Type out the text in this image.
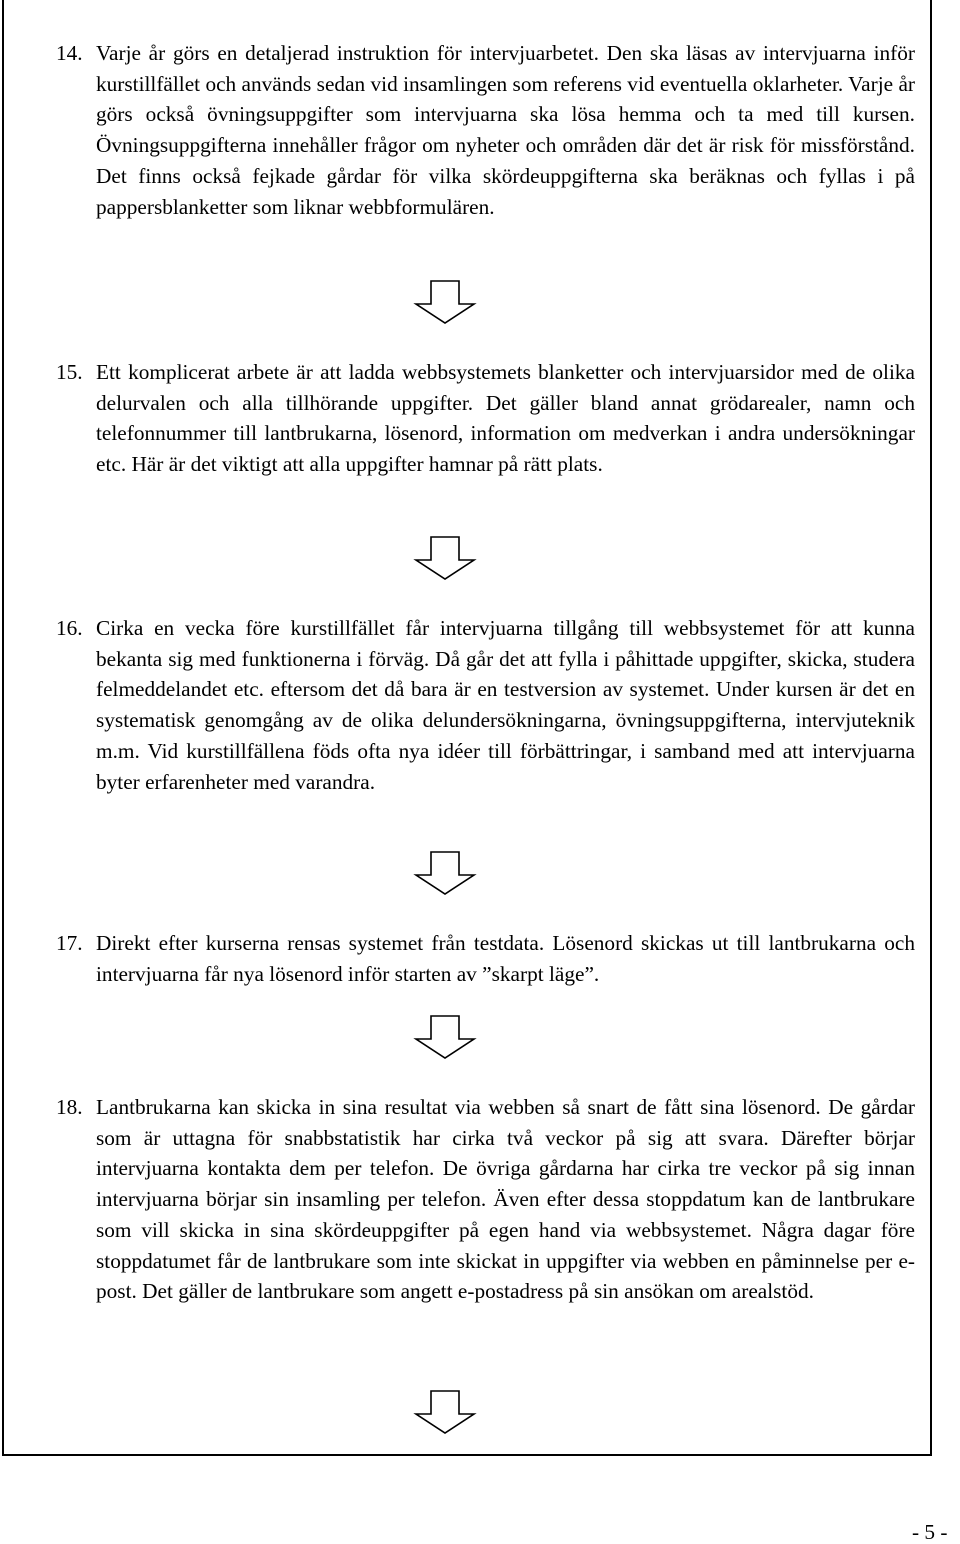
14. Varje år görs en detaljerad instruktion för intervjuarbetet. Den ska läsas av intervjuarna inför kurstillfället och används sedan vid insamlingen som referens vid eventuella oklarheter. Varje år görs också övningsuppgifter som intervjuarna ska lösa hemma och ta med till kursen. Övningsuppgifterna innehåller frågor om nyheter och områden där det är risk för missförstånd. Det finns också fejkade gårdar för vilka skördeuppgifterna ska beräknas och fyllas i på pappersblanketter som liknar webbformulären.
15. Ett komplicerat arbete är att ladda webbsystemets blanketter och intervjuarsidor med de olika delurvalen och alla tillhörande uppgifter. Det gäller bland annat grödarealer, namn och telefonnummer till lantbrukarna, lösenord, information om medverkan i andra undersökningar etc. Här är det viktigt att alla uppgifter hamnar på rätt plats.
16. Cirka en vecka före kurstillfället får intervjuarna tillgång till webbsystemet för att kunna bekanta sig med funktionerna i förväg. Då går det att fylla i påhittade uppgifter, skicka, studera felmeddelandet etc. eftersom det då bara är en testversion av systemet. Under kursen är det en systematisk genomgång av de olika delundersökningarna, övningsuppgifterna, intervjuteknik m.m. Vid kurstillfällena föds ofta nya idéer till förbättringar, i samband med att intervjuarna byter erfarenheter med varandra.
17. Direkt efter kurserna rensas systemet från testdata. Lösenord skickas ut till lantbrukarna och intervjuarna får nya lösenord inför starten av ”skarpt läge”.
18. Lantbrukarna kan skicka in sina resultat via webben så snart de fått sina lösenord. De gårdar som är uttagna för snabbstatistik har cirka två veckor på sig att svara. Därefter börjar intervjuarna kontakta dem per telefon. De övriga gårdarna har cirka tre veckor på sig innan intervjuarna börjar sin insamling per telefon. Även efter dessa stoppdatum kan de lantbrukare som vill skicka in sina skördeuppgifter på egen hand via webbsystemet. Några dagar före stoppdatumet får de lantbrukare som inte skickat in uppgifter via webben en påminnelse per e-post. Det gäller de lantbrukare som angett e-postadress på sin ansökan om arealstöd.
- 5 -
